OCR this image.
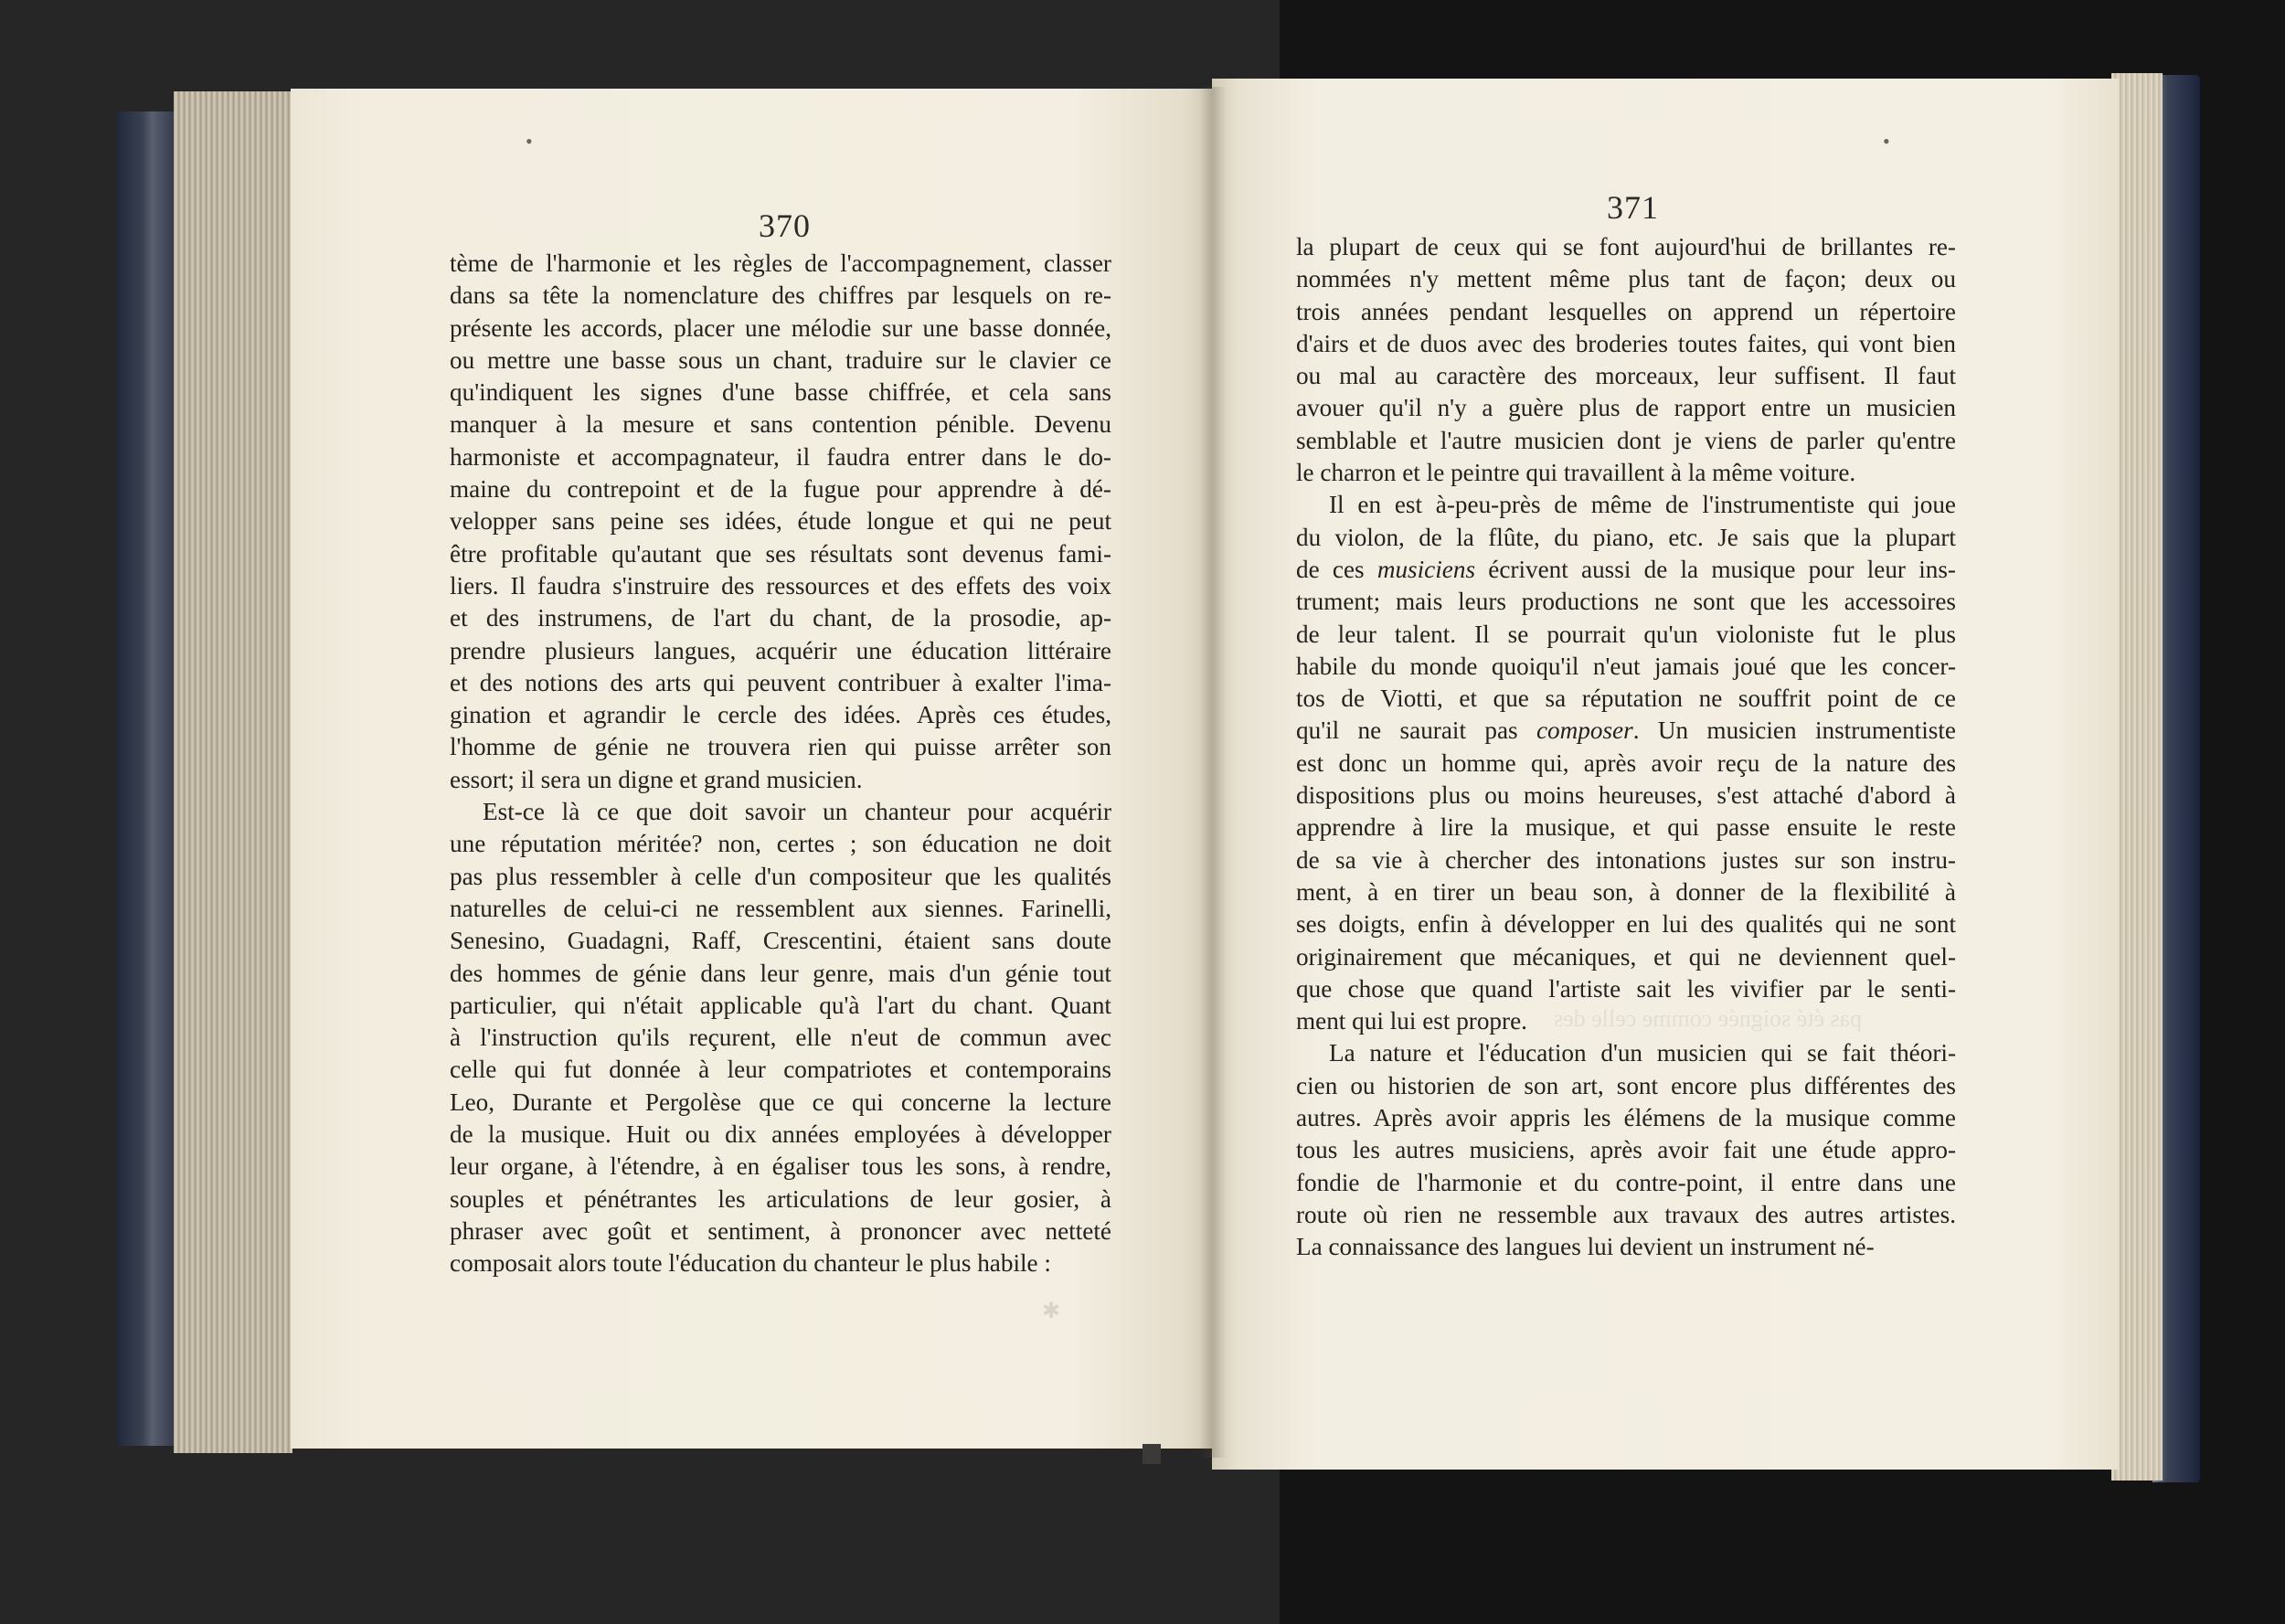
pas été soignée comme celle des
✱
•	•
370	371
tème de l'harmonie et les règles de l'accompagnement, classer
dans sa tête la nomenclature des chiffres par lesquels on re-
présente les accords, placer une mélodie sur une basse donnée,
ou mettre une basse sous un chant, traduire sur le clavier ce
qu'indiquent les signes d'une basse chiffrée, et cela sans
manquer à la mesure et sans contention pénible. Devenu
harmoniste et accompagnateur, il faudra entrer dans le do-
maine du contrepoint et de la fugue pour apprendre à dé-
velopper sans peine ses idées, étude longue et qui ne peut
être profitable qu'autant que ses résultats sont devenus fami-
liers. Il faudra s'instruire des ressources et des effets des voix
et des instrumens, de l'art du chant, de la prosodie, ap-
prendre plusieurs langues, acquérir une éducation littéraire
et des notions des arts qui peuvent contribuer à exalter l'ima-
gination et agrandir le cercle des idées. Après ces études,
l'homme de génie ne trouvera rien qui puisse arrêter son
essort; il sera un digne et grand musicien.
Est-ce là ce que doit savoir un chanteur pour acquérir
une réputation méritée? non, certes ; son éducation ne doit
pas plus ressembler à celle d'un compositeur que les qualités
naturelles de celui-ci ne ressemblent aux siennes. Farinelli,
Senesino, Guadagni, Raff, Crescentini, étaient sans doute
des hommes de génie dans leur genre, mais d'un génie tout
particulier, qui n'était applicable qu'à l'art du chant. Quant
à l'instruction qu'ils reçurent, elle n'eut de commun avec
celle qui fut donnée à leur compatriotes et contemporains
Leo, Durante et Pergolèse que ce qui concerne la lecture
de la musique. Huit ou dix années employées à développer
leur organe, à l'étendre, à en égaliser tous les sons, à rendre,
souples et pénétrantes les articulations de leur gosier, à
phraser avec goût et sentiment, à prononcer avec netteté
composait alors toute l'éducation du chanteur le plus habile :
la plupart de ceux qui se font aujourd'hui de brillantes re-
nommées n'y mettent même plus tant de façon; deux ou
trois années pendant lesquelles on apprend un répertoire
d'airs et de duos avec des broderies toutes faites, qui vont bien
ou mal au caractère des morceaux, leur suffisent. Il faut
avouer qu'il n'y a guère plus de rapport entre un musicien
semblable et l'autre musicien dont je viens de parler qu'entre
le charron et le peintre qui travaillent à la même voiture.
Il en est à-peu-près de même de l'instrumentiste qui joue
du violon, de la flûte, du piano, etc. Je sais que la plupart
de ces musiciens écrivent aussi de la musique pour leur ins-
trument; mais leurs productions ne sont que les accessoires
de leur talent. Il se pourrait qu'un violoniste fut le plus
habile du monde quoiqu'il n'eut jamais joué que les concer-
tos de Viotti, et que sa réputation ne souffrit point de ce
qu'il ne saurait pas composer. Un musicien instrumentiste
est donc un homme qui, après avoir reçu de la nature des
dispositions plus ou moins heureuses, s'est attaché d'abord à
apprendre à lire la musique, et qui passe ensuite le reste
de sa vie à chercher des intonations justes sur son instru-
ment, à en tirer un beau son, à donner de la flexibilité à
ses doigts, enfin à développer en lui des qualités qui ne sont
originairement que mécaniques, et qui ne deviennent quel-
que chose que quand l'artiste sait les vivifier par le senti-
ment qui lui est propre.
La nature et l'éducation d'un musicien qui se fait théori-
cien ou historien de son art, sont encore plus différentes des
autres. Après avoir appris les élémens de la musique comme
tous les autres musiciens, après avoir fait une étude appro-
fondie de l'harmonie et du contre-point, il entre dans une
route où rien ne ressemble aux travaux des autres artistes.
La connaissance des langues lui devient un instrument né-
